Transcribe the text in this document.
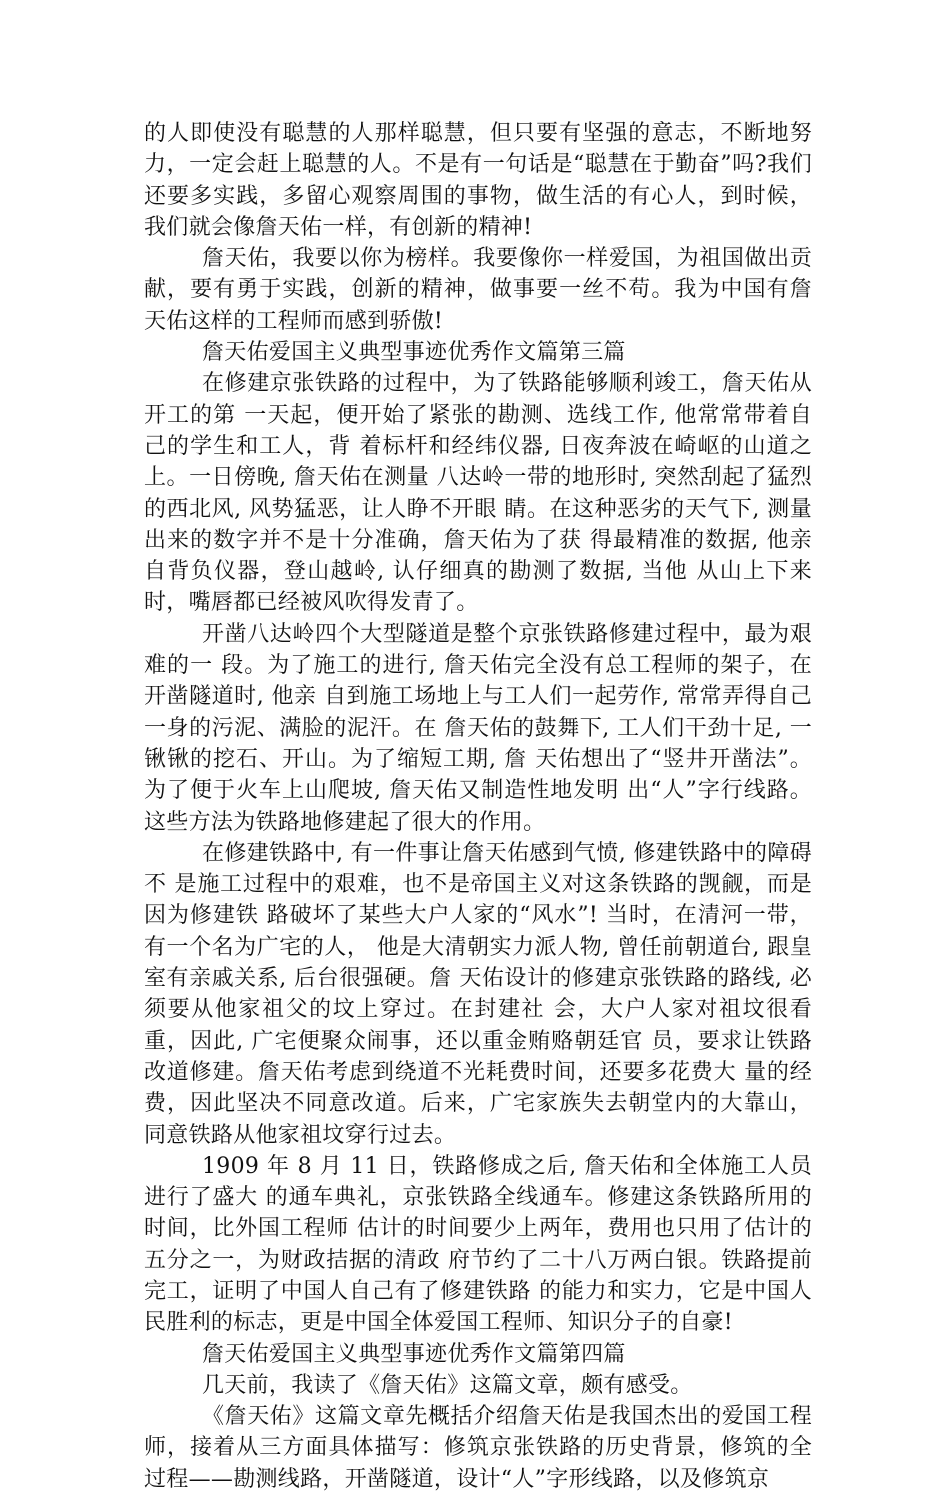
的人即使没有聪慧的人那样聪慧，但只要有坚强的意志，不断地努力，一定会赶上聪慧的人。不是有一句话是“聪慧在于勤奋”吗?我们还要多实践，多留心观察周围的事物，做生活的有心人，到时候，我们就会像詹天佑一样，有创新的精神!

詹天佑，我要以你为榜样。我要像你一样爱国，为祖国做出贡献，要有勇于实践，创新的精神，做事要一丝不苟。我为中国有詹天佑这样的工程师而感到骄傲!

詹天佑爱国主义典型事迹优秀作文篇第三篇

在修建京张铁路的过程中，为了铁路能够顺利竣工，詹天佑从开工的第 一天起，便开始了紧张的勘测、选线工作, 他常常带着自己的学生和工人，背 着标杆和经纬仪器, 日夜奔波在崎岖的山道之上。一日傍晚, 詹天佑在测量 八达岭一带的地形时, 突然刮起了猛烈的西北风, 风势猛恶，让人睁不开眼 睛。在这种恶劣的天气下, 测量出来的数字并不是十分准确，詹天佑为了获 得最精准的数据, 他亲自背负仪器，登山越岭, 认仔细真的勘测了数据, 当他 从山上下来时，嘴唇都已经被风吹得发青了。

开凿八达岭四个大型隧道是整个京张铁路修建过程中，最为艰难的一 段。为了施工的进行, 詹天佑完全没有总工程师的架子，在开凿隧道时, 他亲 自到施工场地上与工人们一起劳作, 常常弄得自己一身的污泥、满脸的泥汗。在 詹天佑的鼓舞下, 工人们干劲十足, 一锹锹的挖石、开山。为了缩短工期, 詹 天佑想出了“竖井开凿法”。为了便于火车上山爬坡, 詹天佑又制造性地发明 出“人”字行线路。这些方法为铁路地修建起了很大的作用。

在修建铁路中, 有一件事让詹天佑感到气愤, 修建铁路中的障碍不 是施工过程中的艰难，也不是帝国主义对这条铁路的觊觎，而是因为修建铁 路破坏了某些大户人家的“风水”! 当时，在清河一带，有一个名为广宅的人， 他是大清朝实力派人物, 曾任前朝道台, 跟皇室有亲戚关系, 后台很强硬。詹 天佑设计的修建京张铁路的路线, 必须要从他家祖父的坟上穿过。在封建社 会，大户人家对祖坟很看重，因此, 广宅便聚众闹事，还以重金贿赂朝廷官 员，要求让铁路改道修建。詹天佑考虑到绕道不光耗费时间，还要多花费大 量的经费，因此坚决不同意改道。后来，广宅家族失去朝堂内的大靠山，同意铁路从他家祖坟穿行过去。

1909 年 8 月 11 日，铁路修成之后, 詹天佑和全体施工人员进行了盛大 的通车典礼，京张铁路全线通车。修建这条铁路所用的时间，比外国工程师 估计的时间要少上两年，费用也只用了估计的五分之一，为财政拮据的清政 府节约了二十八万两白银。铁路提前完工，证明了中国人自己有了修建铁路 的能力和实力，它是中国人民胜利的标志，更是中国全体爱国工程师、知识分子的自豪!

詹天佑爱国主义典型事迹优秀作文篇第四篇

几天前，我读了《詹天佑》这篇文章，颇有感受。

《詹天佑》这篇文章先概括介绍詹天佑是我国杰出的爱国工程师，接着从三方面具体描写：修筑京张铁路的历史背景，修筑的全过程——勘测线路，开凿隧道，设计“人”字形线路，以及修筑京
